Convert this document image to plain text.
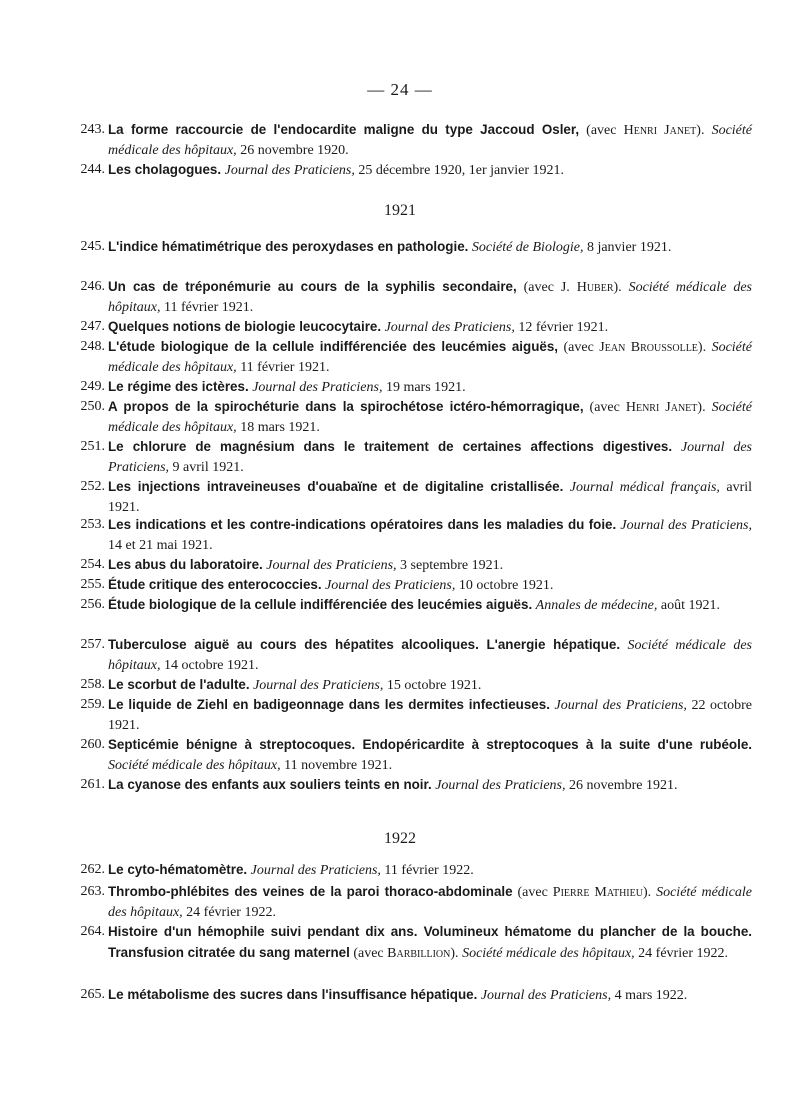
— 24 —
1921
1922
243. La forme raccourcie de l'endocardite maligne du type Jaccoud Osler, (avec Henri Janet). Société médicale des hôpitaux, 26 novembre 1920.
244. Les cholagogues. Journal des Praticiens, 25 décembre 1920, 1er janvier 1921.
245. L'indice hématimétrique des peroxydases en pathologie. Société de Biologie, 8 janvier 1921.
246. Un cas de tréponémurie au cours de la syphilis secondaire, (avec J. Huber). Société médicale des hôpitaux, 11 février 1921.
247. Quelques notions de biologie leucocytaire. Journal des Praticiens, 12 février 1921.
248. L'étude biologique de la cellule indifférenciée des leucémies aiguës, (avec Jean Broussolle). Société médicale des hôpitaux, 11 février 1921.
249. Le régime des ictères. Journal des Praticiens, 19 mars 1921.
250. A propos de la spirochéturie dans la spirochétose ictéro-hémorragique, (avec Henri Janet). Société médicale des hôpitaux, 18 mars 1921.
251. Le chlorure de magnésium dans le traitement de certaines affections digestives. Journal des Praticiens, 9 avril 1921.
252. Les injections intraveineuses d'ouabaïne et de digitaline cristallisée. Journal médical français, avril 1921.
253. Les indications et les contre-indications opératoires dans les maladies du foie. Journal des Praticiens, 14 et 21 mai 1921.
254. Les abus du laboratoire. Journal des Praticiens, 3 septembre 1921.
255. Étude critique des enterococcies. Journal des Praticiens, 10 octobre 1921.
256. Étude biologique de la cellule indifférenciée des leucémies aiguës. Annales de médecine, août 1921.
257. Tuberculose aiguë au cours des hépatites alcooliques. L'anergie hépatique. Société médicale des hôpitaux, 14 octobre 1921.
258. Le scorbut de l'adulte. Journal des Praticiens, 15 octobre 1921.
259. Le liquide de Ziehl en badigeonnage dans les dermites infectieuses. Journal des Praticiens, 22 octobre 1921.
260. Septicémie bénigne à streptocoques. Endopéricardite à streptocoques à la suite d'une rubéole. Société médicale des hôpitaux, 11 novembre 1921.
261. La cyanose des enfants aux souliers teints en noir. Journal des Praticiens, 26 novembre 1921.
262. Le cyto-hématomètre. Journal des Praticiens, 11 février 1922.
263. Thrombo-phlébites des veines de la paroi thoraco-abdominale (avec Pierre Mathieu). Société médicale des hôpitaux, 24 février 1922.
264. Histoire d'un hémophile suivi pendant dix ans. Volumineux hématome du plancher de la bouche. Transfusion citratée du sang maternel (avec Barbillion). Société médicale des hôpitaux, 24 février 1922.
265. Le métabolisme des sucres dans l'insuffisance hépatique. Journal des Praticiens, 4 mars 1922.
